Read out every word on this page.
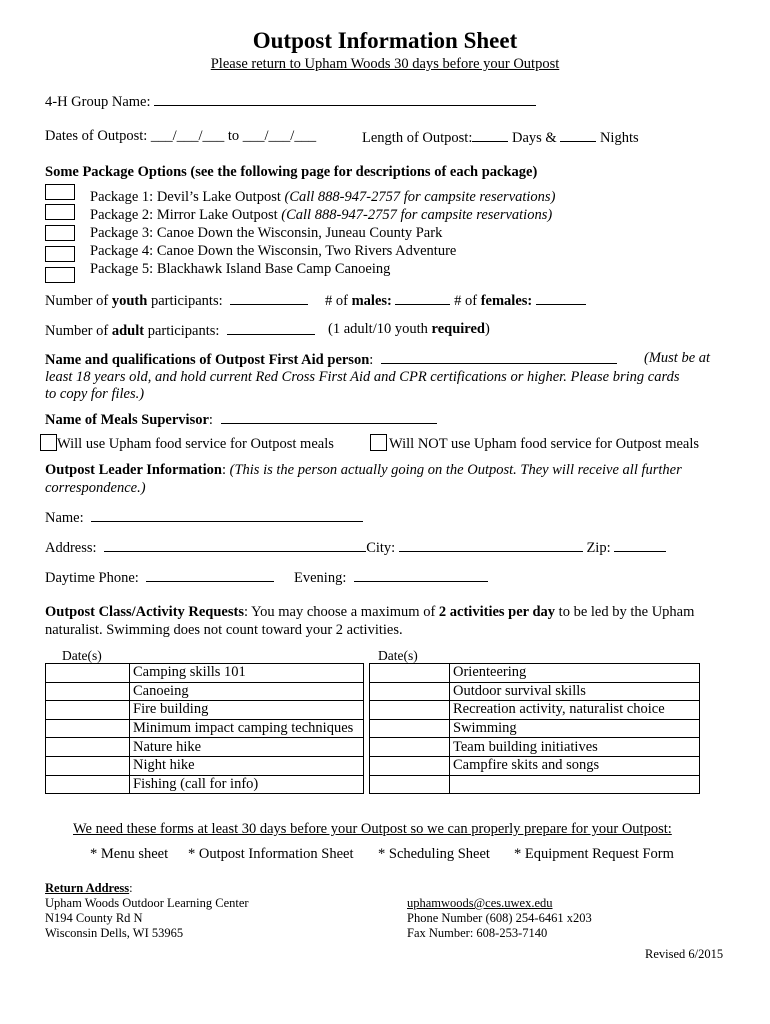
Outpost Information Sheet
Please return to Upham Woods 30 days before your Outpost
4-H Group Name:
Dates of Outpost: ___/___/___ to ___/___/___	Length of Outpost:	Days &	Nights
Some Package Options (see the following page for descriptions of each package)
Package 1: Devil’s Lake Outpost (Call 888-947-2757 for campsite reservations)
Package 2: Mirror Lake Outpost (Call 888-947-2757 for campsite reservations)
Package 3: Canoe Down the Wisconsin, Juneau County Park
Package 4: Canoe Down the Wisconsin, Two Rivers Adventure
Package 5: Blackhawk Island Base Camp Canoeing
Number of youth participants:	# of males:	# of females:
Number of adult participants:	(1 adult/10 youth required)
Name and qualifications of Outpost First Aid person:	(Must be at
least 18 years old, and hold current Red Cross First Aid and CPR certifications or higher. Please bring cards
to copy for files.)
Name of Meals Supervisor:
Will use Upham food service for Outpost meals	Will NOT use Upham food service for Outpost meals
Outpost Leader Information: (This is the person actually going on the Outpost. They will receive all further
correspondence.)
Name:
Address:	City:	Zip:
Daytime Phone:	Evening:
Outpost Class/Activity Requests: You may choose a maximum of 2 activities per day to be led by the Upham
naturalist. Swimming does not count toward your 2 activities.
Date(s)	Date(s)
	Camping skills 101
	Canoeing
	Fire building
	Minimum impact camping techniques
	Nature hike
	Night hike
	Fishing (call for info)
	Orienteering
	Outdoor survival skills
	Recreation activity, naturalist choice
	Swimming
	Team building initiatives
	Campfire skits and songs

We need these forms at least 30 days before your Outpost so we can properly prepare for your Outpost:
* Menu sheet * Outpost Information Sheet * Scheduling Sheet * Equipment Request Form
Return Address:
Upham Woods Outdoor Learning Center
N194 County Rd N
Wisconsin Dells, WI 53965
uphamwoods@ces.uwex.edu
Phone Number (608) 254-6461 x203
Fax Number: 608-253-7140
Revised 6/2015
